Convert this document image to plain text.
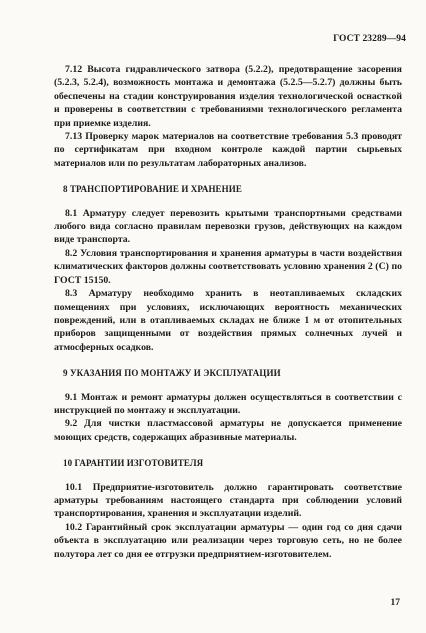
ГОСТ 23289—94

7.12 Высота гидравлического затвора (5.2.2), предотвращение засорения (5.2.3, 5.2.4), возможность монтажа и демонтажа (5.2.5—5.2.7) должны быть обеспечены на стадии конструирования изделия технологической оснасткой и проверены в соответствии с требованиями технологического регламента при приемке изделия.

7.13 Проверку марок материалов на соответствие требования 5.3 проводят по сертификатам при входном контроле каждой партии сырьевых материалов или по результатам лабораторных анализов.

8 ТРАНСПОРТИРОВАНИЕ И ХРАНЕНИЕ

8.1 Арматуру следует перевозить крытыми транспортными средствами любого вида согласно правилам перевозки грузов, действующих на каждом виде транспорта.

8.2 Условия транспортирования и хранения арматуры в части воздействия климатических факторов должны соответствовать условию хранения 2 (С) по ГОСТ 15150.

8.3 Арматуру необходимо хранить в неотапливаемых складских помещениях при условиях, исключающих вероятность механических повреждений, или в отапливаемых складах не ближе 1 м от отопительных приборов защищенными от воздействия прямых солнечных лучей и атмосферных осадков.

9 УКАЗАНИЯ ПО МОНТАЖУ И ЭКСПЛУАТАЦИИ

9.1 Монтаж и ремонт арматуры должен осуществляться в соответствии с инструкцией по монтажу и эксплуатации.

9.2 Для чистки пластмассовой арматуры не допускается применение моющих средств, содержащих абразивные материалы.

10 ГАРАНТИИ ИЗГОТОВИТЕЛЯ

10.1 Предприятие-изготовитель должно гарантировать соответствие арматуры требованиям настоящего стандарта при соблюдении условий транспортирования, хранения и эксплуатации изделий.

10.2 Гарантийный срок эксплуатации арматуры — один год со дня сдачи объекта в эксплуатацию или реализации через торговую сеть, но не более полутора лет со дня ее отгрузки предприятием-изготовителем.

17
